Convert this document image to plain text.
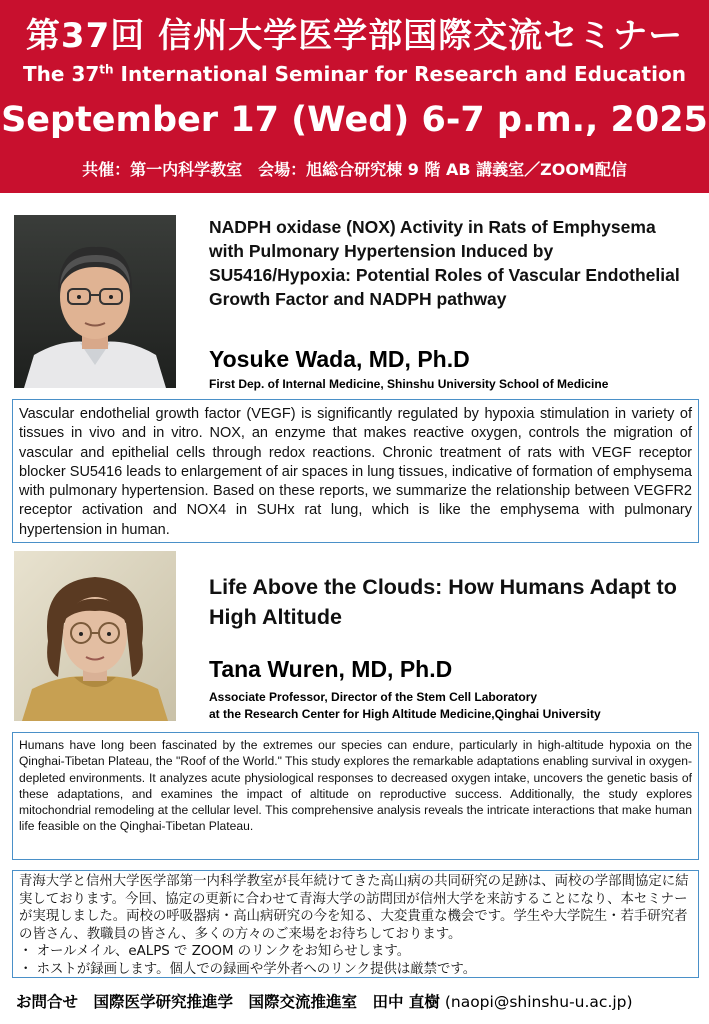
第37回 信州大学医学部国際交流セミナー
The 37th International Seminar for Research and Education
September 17 (Wed) 6-7 p.m., 2025
共催：第一内科学教室　会場：旭総合研究棟 9 階 AB 講義室／ZOOM配信
NADPH oxidase (NOX) Activity in Rats of Emphysema with Pulmonary Hypertension Induced by SU5416/Hypoxia: Potential Roles of Vascular Endothelial Growth Factor and NADPH pathway
Yosuke Wada, MD, Ph.D
First Dep. of Internal Medicine, Shinshu University School of Medicine
Vascular endothelial growth factor (VEGF) is significantly regulated by hypoxia stimulation in variety of tissues in vivo and in vitro. NOX, an enzyme that makes reactive oxygen, controls the migration of vascular and epithelial cells through redox reactions. Chronic treatment of rats with VEGF receptor blocker SU5416 leads to enlargement of air spaces in lung tissues, indicative of formation of emphysema with pulmonary hypertension. Based on these reports, we summarize the relationship between VEGFR2 receptor activation and NOX4 in SUHx rat lung, which is like the emphysema with pulmonary hypertension in human.
Life Above the Clouds: How Humans Adapt to High Altitude
Tana Wuren, MD, Ph.D
Associate Professor, Director of the Stem Cell Laboratory
at the Research Center for High Altitude Medicine,Qinghai University
Humans have long been fascinated by the extremes our species can endure, particularly in high-altitude hypoxia on the Qinghai-Tibetan Plateau, the "Roof of the World." This study explores the remarkable adaptations enabling survival in oxygen-depleted environments. It analyzes acute physiological responses to decreased oxygen intake, uncovers the genetic basis of these adaptations, and examines the impact of altitude on reproductive success. Additionally, the study explores mitochondrial remodeling at the cellular level. This comprehensive analysis reveals the intricate interactions that make human life feasible on the Qinghai-Tibetan Plateau.
青海大学と信州大学医学部第一内科学教室が長年続けてきた高山病の共同研究の足跡は、両校の学部間協定に結実しております。今回、協定の更新に合わせて青海大学の訪問団が信州大学を来訪することになり、本セミナーが実現しました。両校の呼吸器病・高山病研究の今を知る、大変貴重な機会です。学生や大学院生・若手研究者の皆さん、教職員の皆さん、多くの方々のご来場をお待ちしております。
・ オールメイル、eALPS で ZOOM のリンクをお知らせします。
・ ホストが録画します。個人での録画や学外者へのリンク提供は厳禁です。
お問合せ　国際医学研究推進学　国際交流推進室　田中 直樹 (naopi@shinshu-u.ac.jp)
